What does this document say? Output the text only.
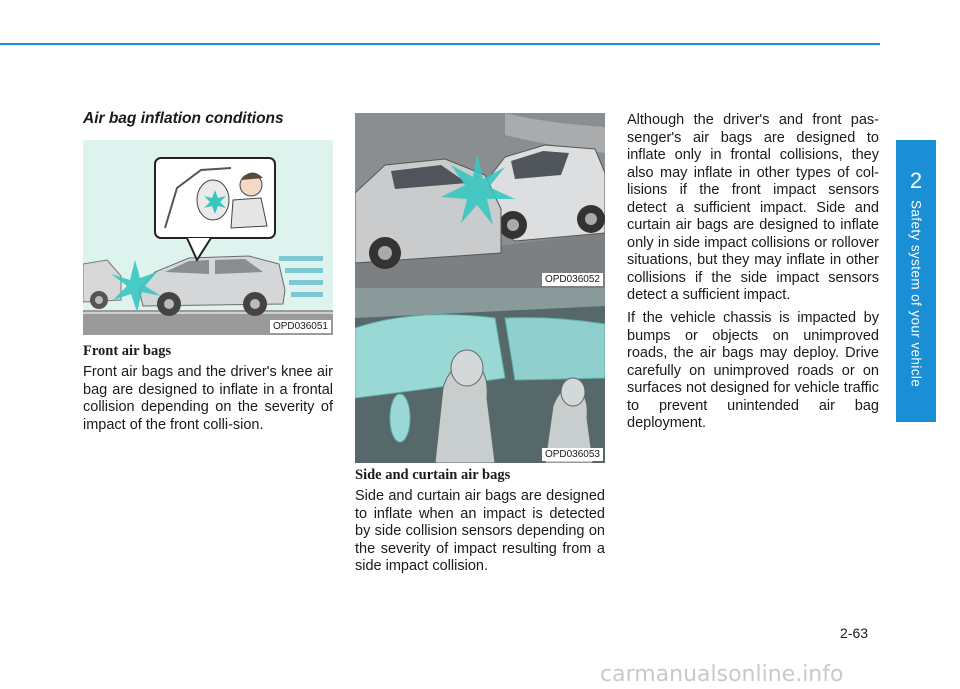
2
Safety system of your vehicle
Air bag inflation conditions
OPD036051
Front air bags

Front air bags and the driver's knee air bag are designed to inflate in a frontal collision depending on the severity of impact of the front colli-sion.

OPD036052
OPD036053
Side and curtain air bags

Side and curtain air bags are designed to inflate when an impact is detected by side collision sensors depending on the severity of impact resulting from a side impact collision.

Although the driver's and front pas-senger's air bags are designed to inflate only in frontal collisions, they also may inflate in other types of col-lisions if the front impact sensors detect a sufficient impact. Side and curtain air bags are designed to inflate only in side impact collisions or rollover situations, but they may inflate in other collisions if the side impact sensors detect a sufficient impact.

If the vehicle chassis is impacted by bumps or objects on unimproved roads, the air bags may deploy. Drive carefully on unimproved roads or on surfaces not designed for vehicle traffic to prevent unintended air bag deployment.

2-63
carmanualsonline.info
